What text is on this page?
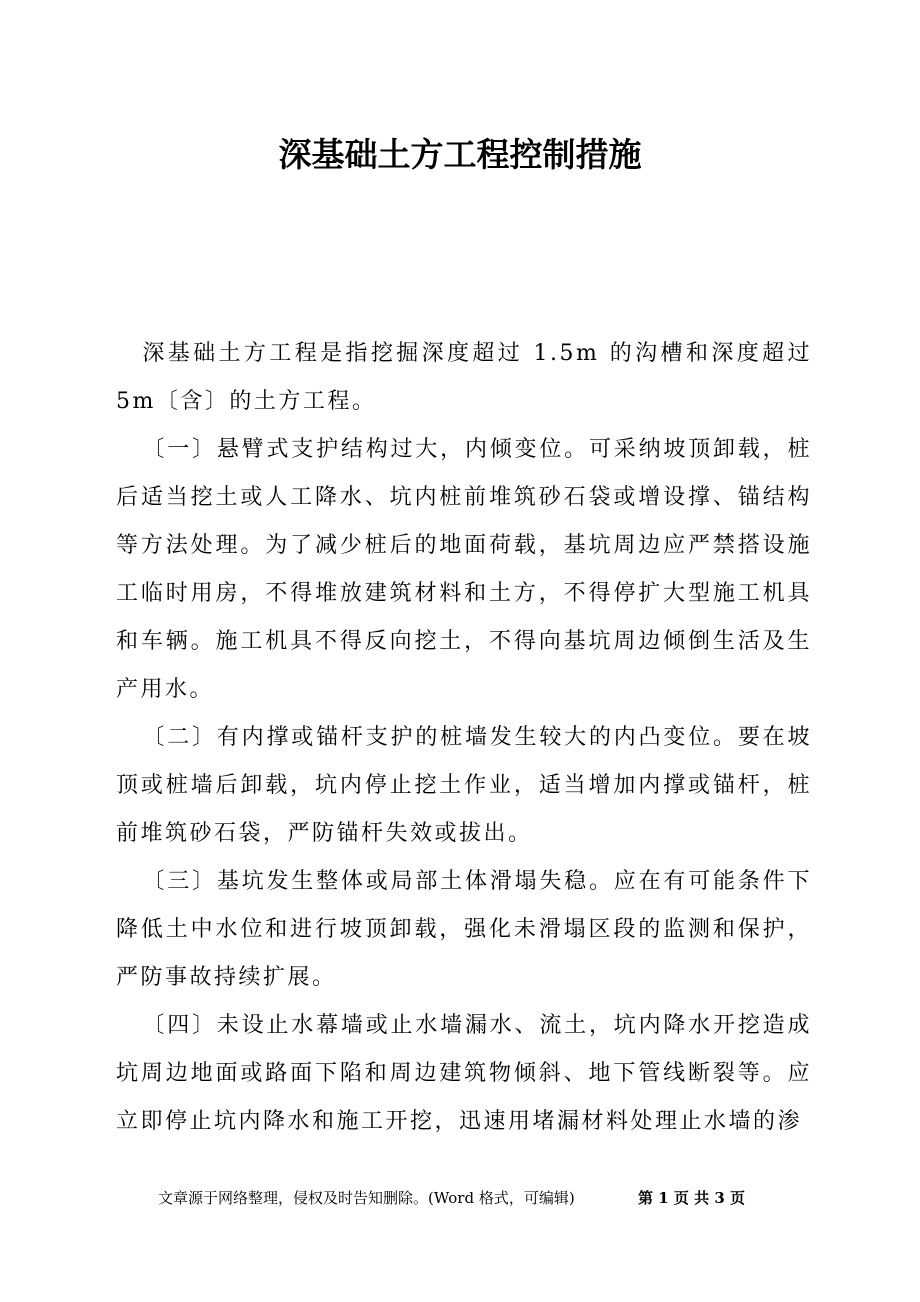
深基础土方工程控制措施

深基础土方工程是指挖掘深度超过 1.5m 的沟槽和深度超过 5m〔含〕的土方工程。

〔一〕悬臂式支护结构过大，内倾变位。可采纳坡顶卸载，桩后适当挖土或人工降水、坑内桩前堆筑砂石袋或增设撑、锚结构等方法处理。为了减少桩后的地面荷载，基坑周边应严禁搭设施工临时用房，不得堆放建筑材料和土方，不得停扩大型施工机具和车辆。施工机具不得反向挖土，不得向基坑周边倾倒生活及生产用水。

〔二〕有内撑或锚杆支护的桩墙发生较大的内凸变位。要在坡顶或桩墙后卸载，坑内停止挖土作业，适当增加内撑或锚杆，桩前堆筑砂石袋，严防锚杆失效或拔出。

〔三〕基坑发生整体或局部土体滑塌失稳。应在有可能条件下降低土中水位和进行坡顶卸载，强化未滑塌区段的监测和保护，严防事故持续扩展。

〔四〕未设止水幕墙或止水墙漏水、流土，坑内降水开挖造成坑周边地面或路面下陷和周边建筑物倾斜、地下管线断裂等。应立即停止坑内降水和施工开挖，迅速用堵漏材料处理止水墙的渗

文章源于网络整理，侵权及时告知删除。(Word 格式，可编辑)	第 1 页 共 3 页
